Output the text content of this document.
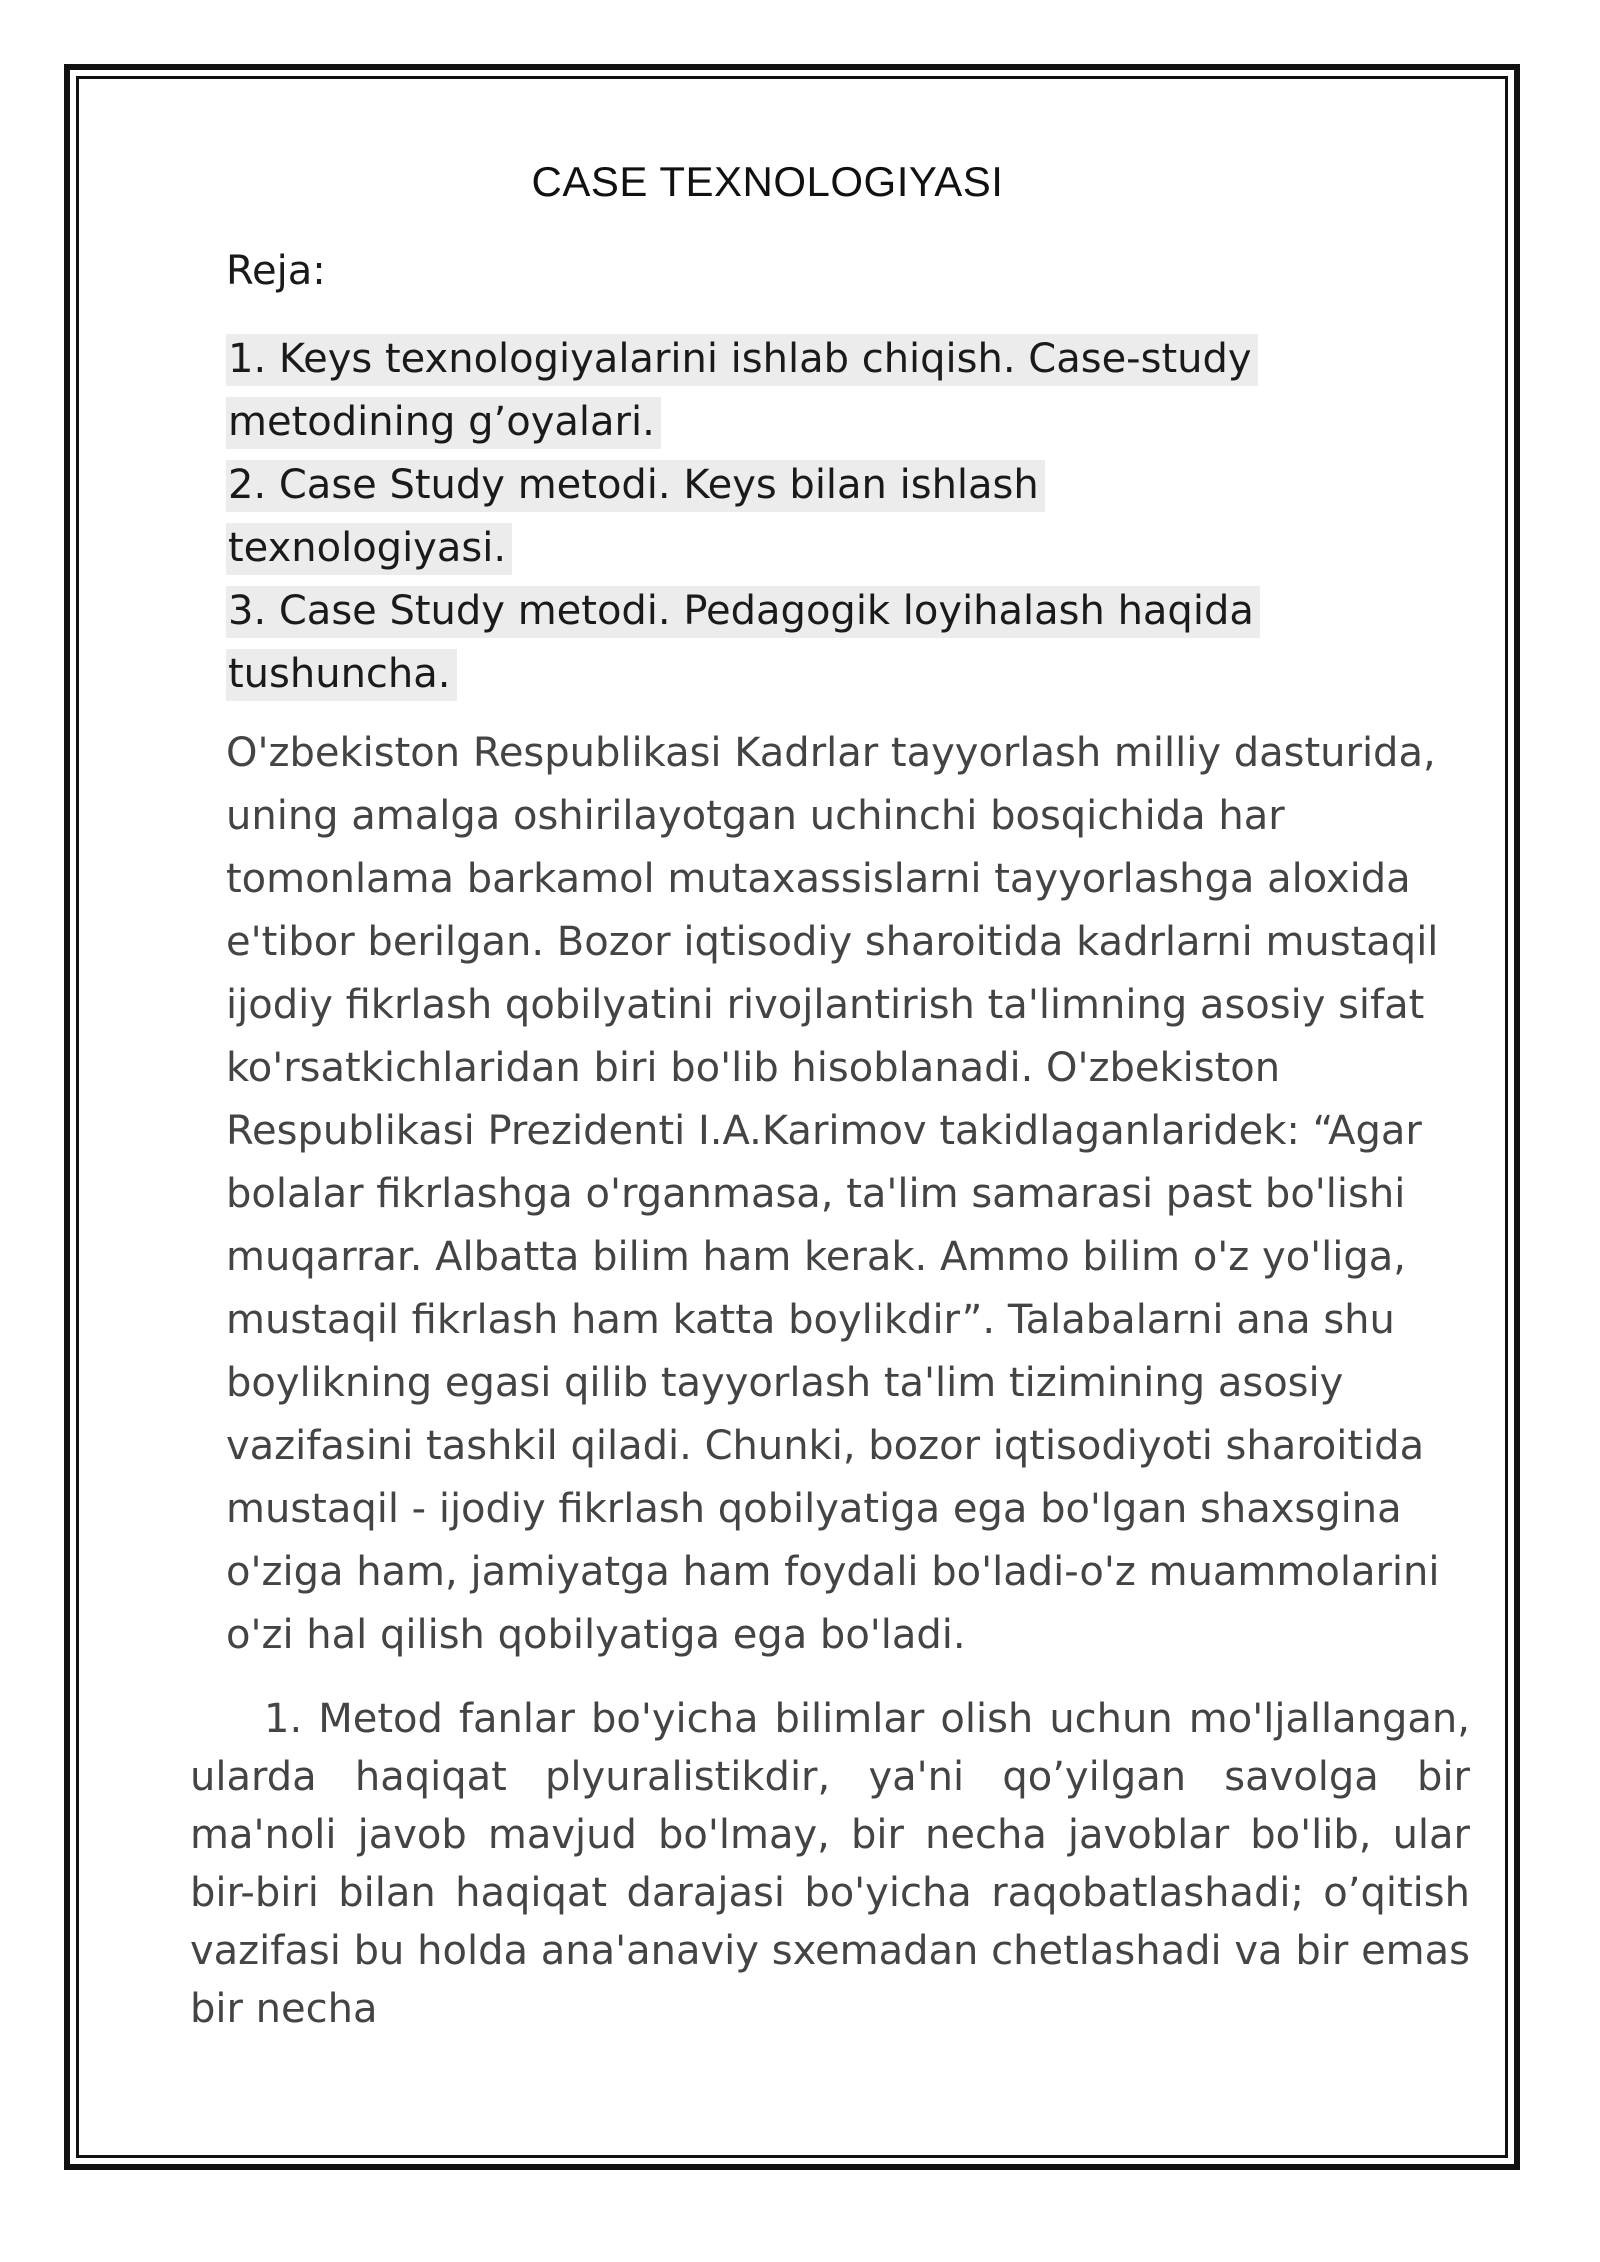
CASE TEXNOLOGIYASI

Reja:

1. Keys texnologiyalarini ishlab chiqish. Case-study metodining g’oyalari.
2. Case Study metodi. Keys bilan ishlash texnologiyasi.
3. Case Study metodi. Pedagogik loyihalash haqida tushuncha.

O'zbekiston Respublikasi Kadrlar tayyorlash milliy dasturida, uning amalga oshirilayotgan uchinchi bosqichida har tomonlama barkamol mutaxassislarni tayyorlashga aloxida e'tibor berilgan. Bozor iqtisodiy sharoitida kadrlarni mustaqil ijodiy fikrlash qobilyatini rivojlantirish ta'limning asosiy sifat ko'rsatkichlaridan biri bo'lib hisoblanadi. O'zbekiston Respublikasi Prezidenti I.A.Karimov takidlaganlaridek: “Agar bolalar fikrlashga o'rganmasa, ta'lim samarasi past bo'lishi muqarrar. Albatta bilim ham kerak. Ammo bilim o'z yo'liga, mustaqil fikrlash ham katta boylikdir”. Talabalarni ana shu boylikning egasi qilib tayyorlash ta'lim tizimining asosiy vazifasini tashkil qiladi. Chunki, bozor iqtisodiyoti sharoitida mustaqil - ijodiy fikrlash qobilyatiga ega bo'lgan shaxsgina o'ziga ham, jamiyatga ham foydali bo'ladi-o'z muammolarini o'zi hal qilish qobilyatiga ega bo'ladi.

1. Metod fanlar bo'yicha bilimlar olish uchun mo'ljallangan, ularda haqiqat plyuralistikdir, ya'ni qo’yilgan savolga bir ma'noli javob mavjud bo'lmay, bir necha javoblar bo'lib, ular bir-biri bilan haqiqat darajasi bo'yicha raqobatlashadi; o’qitish vazifasi bu holda ana'anaviy sxemadan chetlashadi va bir emas bir necha
